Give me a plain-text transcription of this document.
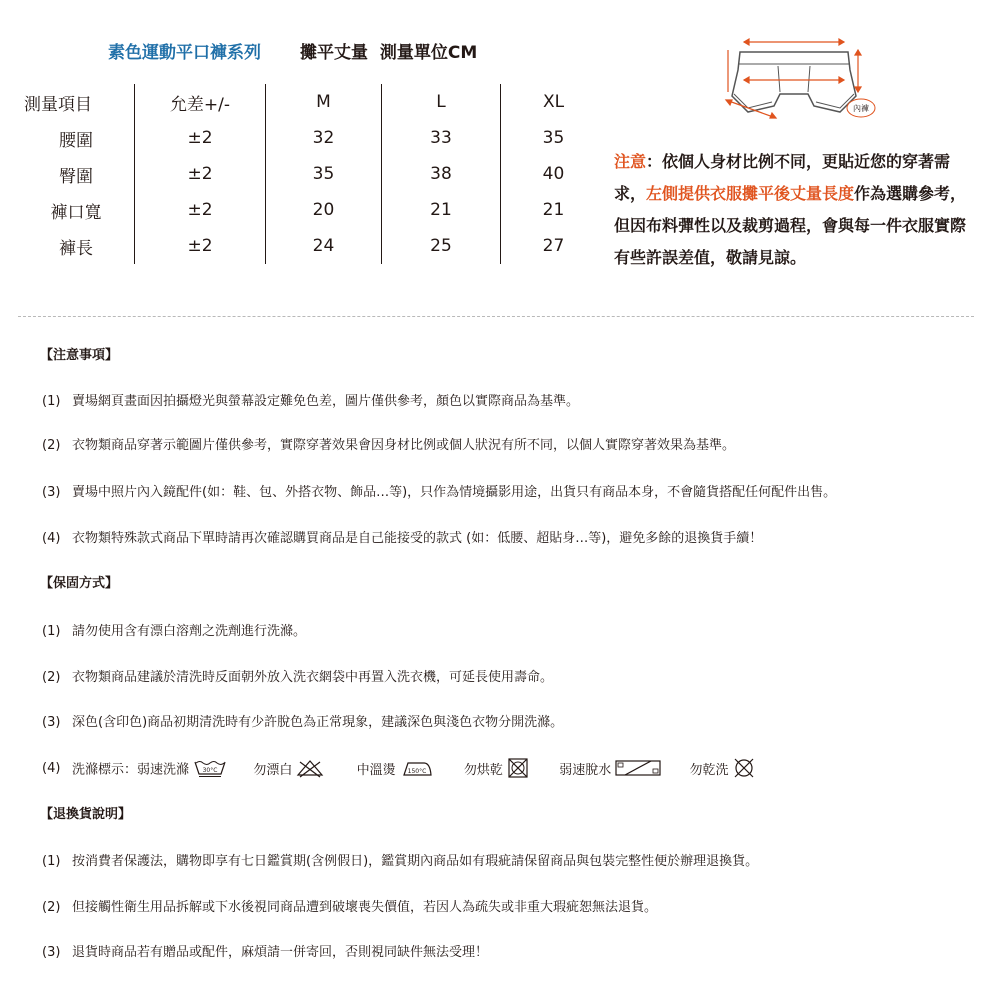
素色運動平口褲系列 攤平丈量  測量單位CM
測量項目	允差+/-	M	L	XL
腰圍	±2	32	33	35
臀圍	±2	35	38	40
褲口寬	±2	20	21	21
褲長	±2	24	25	27
內褲
注意：依個人身材比例不同，更貼近您的穿著需求，左側提供衣服攤平後丈量長度作為選購參考，但因布料彈性以及裁剪過程，會與每一件衣服實際有些許誤差值，敬請見諒。
【注意事項】
(1) 賣場網頁畫面因拍攝燈光與螢幕設定難免色差，圖片僅供參考，顏色以實際商品為基準。
(2) 衣物類商品穿著示範圖片僅供參考，實際穿著效果會因身材比例或個人狀況有所不同，以個人實際穿著效果為基準。
(3) 賣場中照片內入鏡配件(如：鞋、包、外搭衣物、飾品…等)，只作為情境攝影用途，出貨只有商品本身，不會隨貨搭配任何配件出售。
(4) 衣物類特殊款式商品下單時請再次確認購買商品是自己能接受的款式 (如：低腰、超貼身…等)，避免多餘的退換貨手續！
【保固方式】
(1) 請勿使用含有漂白溶劑之洗劑進行洗滌。
(2) 衣物類商品建議於清洗時反面朝外放入洗衣網袋中再置入洗衣機，可延長使用壽命。
(3) 深色(含印色)商品初期清洗時有少許脫色為正常現象，建議深色與淺色衣物分開洗滌。
(4) 洗滌標示：弱速洗滌 30°C	勿漂白	中溫燙 150°C	勿烘乾	弱速脫水	勿乾洗
【退換貨說明】
(1) 按消費者保護法，購物即享有七日鑑賞期(含例假日)，鑑賞期內商品如有瑕疵請保留商品與包裝完整性便於辦理退換貨。
(2) 但接觸性衛生用品拆解或下水後視同商品遭到破壞喪失價值，若因人為疏失或非重大瑕疵恕無法退貨。
(3) 退貨時商品若有贈品或配件，麻煩請一併寄回，否則視同缺件無法受理！
